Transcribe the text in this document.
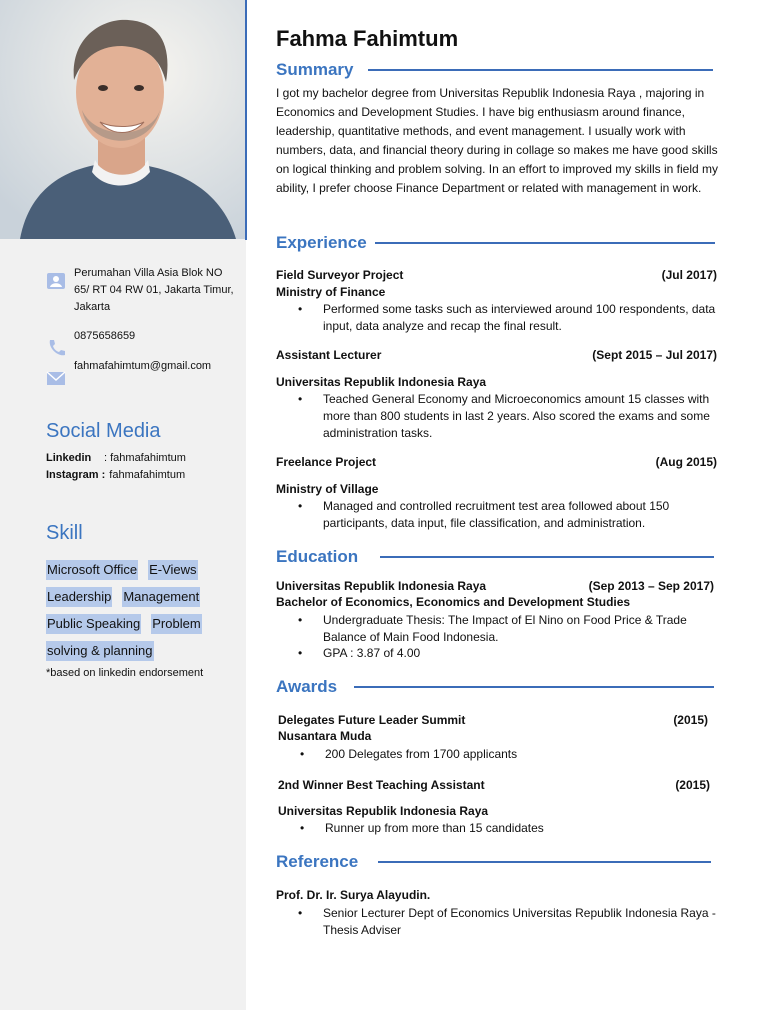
Perumahan Villa Asia Blok NO 65/ RT 04 RW 01, Jakarta Timur, Jakarta
0875658659
fahmafahimtum@gmail.com
Social Media
Linkedin : fahmafahimtum
Instagram : fahmafahimtum
Skill
Microsoft Office E-Views
Leadership Management
Public Speaking Problem
solving & planning
*based on linkedin endorsement
Fahma Fahimtum
Summary
I got my bachelor degree from Universitas Republik Indonesia Raya , majoring in Economics and Development Studies. I have big enthusiasm around finance, leadership, quantitative methods, and event management. I usually work with numbers, data, and financial theory during in collage so makes me have good skills on logical thinking and problem solving. In an effort to improved my skills in field my ability, I prefer choose Finance Department or related with management in work.
Experience
Field Surveyor Project	(Jul 2017)
Ministry of Finance
•	Performed some tasks such as interviewed around 100 respondents, data input, data analyze and recap the final result.
Assistant Lecturer	(Sept 2015 – Jul 2017)
Universitas Republik Indonesia Raya
•	Teached General Economy and Microeconomics amount 15 classes with more than 800 students in last 2 years. Also scored the exams and some administration tasks.
Freelance Project	(Aug 2015)
Ministry of Village
•	Managed and controlled recruitment test area followed about 150 participants, data input, file classification, and administration.
Education
Universitas Republik Indonesia Raya	(Sep 2013 – Sep 2017)
Bachelor of Economics, Economics and Development Studies
•	Undergraduate Thesis: The Impact of El Nino on Food Price & Trade Balance of Main Food Indonesia.
•	GPA : 3.87 of 4.00
Awards
Delegates Future Leader Summit	(2015)
Nusantara Muda
•	200 Delegates from 1700 applicants
2nd Winner Best Teaching Assistant	(2015)
Universitas Republik Indonesia Raya
•	Runner up from more than 15 candidates
Reference
Prof. Dr. Ir. Surya Alayudin.
•	Senior Lecturer Dept of Economics Universitas Republik Indonesia Raya - Thesis Adviser
